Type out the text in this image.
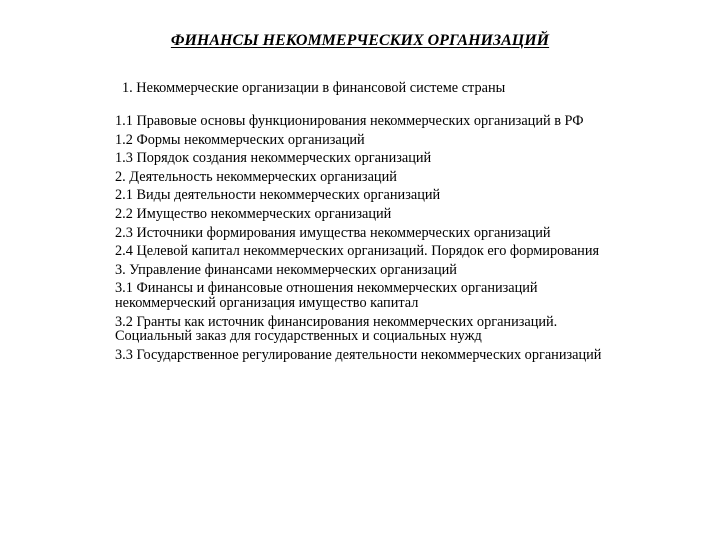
ФИНАНСЫ НЕКОММЕРЧЕСКИХ ОРГАНИЗАЦИЙ
1. Некоммерческие организации в финансовой системе страны
1.1 Правовые основы функционирования некоммерческих организаций в РФ
1.2 Формы некоммерческих организаций
1.3 Порядок создания некоммерческих организаций
2. Деятельность некоммерческих организаций
2.1 Виды деятельности некоммерческих организаций
2.2 Имущество некоммерческих организаций
2.3 Источники формирования имущества некоммерческих организаций
2.4 Целевой капитал некоммерческих организаций. Порядок его формирования
3. Управление финансами некоммерческих организаций
3.1 Финансы и финансовые отношения некоммерческих организаций некоммерческий организация имущество капитал
3.2 Гранты как источник финансирования некоммерческих организаций. Социальный заказ для государственных и социальных нужд
3.3 Государственное регулирование деятельности некоммерческих организаций
